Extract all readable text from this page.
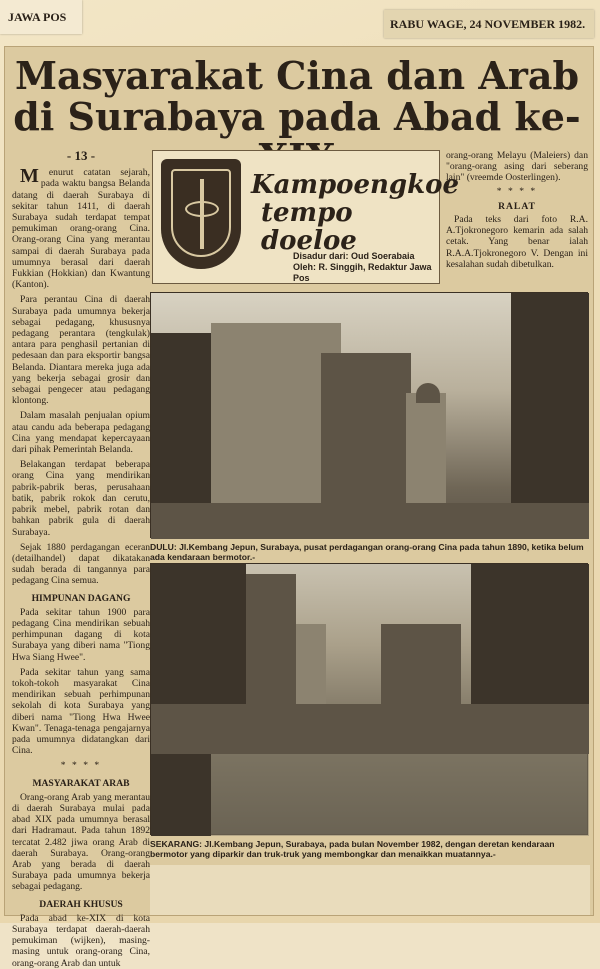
JAWA POS	RABU WAGE, 24 NOVEMBER 1982.
Masyarakat Cina dan Arab di Surabaya pada Abad ke-
- 13 -

Menurut catatan sejarah, pada waktu bangsa Belanda datang di daerah Surabaya di sekitar tahun 1411, di daerah Surabaya sudah terdapat tempat pemukiman orang-orang Cina. Orang-orang Cina yang merantau sampai di daerah Surabaya pada umumnya berasal dari daerah Fukkian (Hokkian) dan Kwantung (Kanton).

Para perantau Cina di daerah Surabaya pada umumnya bekerja sebagai pedagang, khususnya pedagang perantara (tengkulak) antara para penghasil pertanian di pedesaan dan para eksportir bangsa Belanda. Diantara mereka juga ada yang bekerja sebagai grosir dan sebagai pengecer atau pedagang klontong.

Dalam masalah penjualan opium atau candu ada beberapa pedagang Cina yang mendapat kepercayaan dari pihak Pemerintah Belanda.

Belakangan terdapat beberapa orang Cina yang mendirikan pabrik-pabrik beras, perusahaan batik, pabrik rokok dan cerutu, pabrik mebel, pabrik rotan dan bahkan pabrik gula di daerah Surabaya.

Sejak 1880 perdagangan eceran (detailhandel) dapat dikatakan sudah berada di tangannya para pedagang Cina semua.

HIMPUNAN DAGANG

Pada sekitar tahun 1900 para pedagang Cina mendirikan sebuah perhimpunan dagang di kota Surabaya yang diberi nama "Tiong Hwa Siang Hwee".

Pada sekitar tahun yang sama tokoh-tokoh masyarakat Cina mendirikan sebuah perhimpunan sekolah di kota Surabaya yang diberi nama "Tiong Hwa Hwee Kwan". Tenaga-tenaga pengajarnya pada umumnya didatangkan dari Cina.

* * * *

MASYARAKAT ARAB

Orang-orang Arab yang merantau di daerah Surabaya mulai pada abad XIX pada umumnya berasal dari Hadramaut. Pada tahun 1892 tercatat 2.482 jiwa orang Arab di daerah Surabaya. Orang-orang Arab yang berada di daerah Surabaya pada umumnya bekerja sebagai pedagang.

DAERAH KHUSUS

Pada abad ke-XIX di kota Surabaya terdapat daerah-daerah pemukiman (wijken), masing-masing untuk orang-orang Cina, orang-orang Arab dan untuk

Kampoengkoe
tempo doeloe
Disadur dari: Oud Soerabaia
Oleh: R. Singgih, Redaktur Jawa Pos

orang-orang Melayu (Maleiers) dan "orang-orang asing dari seberang lain" (vreemde Oosterlingen).

* * * *

RALAT

Pada teks dari foto R.A. A.Tjokronegoro kemarin ada salah cetak. Yang benar ialah R.A.A.Tjokronegoro V. Dengan ini kesalahan sudah dibetulkan.

DULU: Jl.Kembang Jepun, Surabaya, pusat perdagangan orang-orang Cina pada tahun 1890, ketika belum ada kendaraan bermotor.-
SEKARANG: Jl.Kembang Jepun, Surabaya, pada bulan November 1982, dengan deretan kendaraan bermotor yang diparkir dan truk-truk yang membongkar dan menaikkan muatannya.-
